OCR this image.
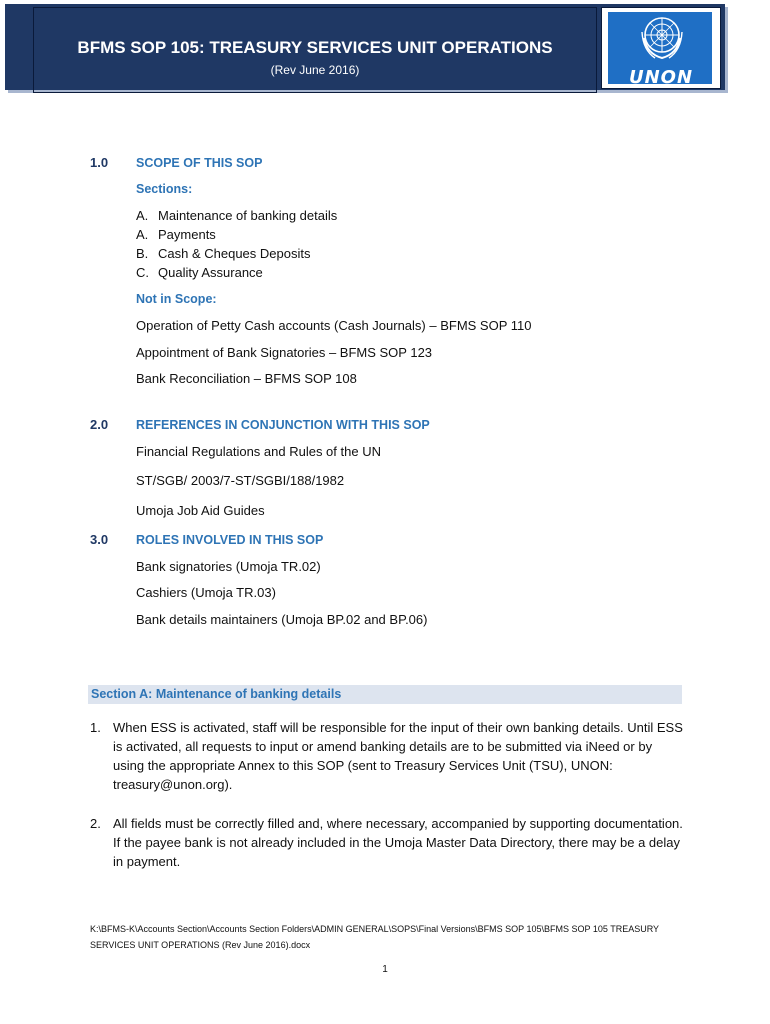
BFMS SOP 105: TREASURY SERVICES UNIT OPERATIONS
(Rev June 2016)	UNON
1.0 SCOPE OF THIS SOP
Sections:
A. Maintenance of banking details
A. Payments
B. Cash & Cheques Deposits
C. Quality Assurance
Not in Scope:
Operation of Petty Cash accounts (Cash Journals) – BFMS SOP 110
Appointment of Bank Signatories – BFMS SOP 123
Bank Reconciliation – BFMS SOP 108
2.0 REFERENCES IN CONJUNCTION WITH THIS SOP
Financial Regulations and Rules of the UN
ST/SGB/ 2003/7-ST/SGBI/188/1982
Umoja Job Aid Guides
3.0 ROLES INVOLVED IN THIS SOP
Bank signatories (Umoja TR.02)
Cashiers (Umoja TR.03)
Bank details maintainers (Umoja BP.02 and BP.06)
Section A: Maintenance of banking details
1. When ESS is activated, staff will be responsible for the input of their own banking details. Until ESS is activated, all requests to input or amend banking details are to be submitted via iNeed or by using the appropriate Annex to this SOP (sent to Treasury Services Unit (TSU), UNON: treasury@unon.org).
2. All fields must be correctly filled and, where necessary, accompanied by supporting documentation. If the payee bank is not already included in the Umoja Master Data Directory, there may be a delay in payment.
K:\BFMS-K\Accounts Section\Accounts Section Folders\ADMIN GENERAL\SOPS\Final Versions\BFMS SOP 105\BFMS SOP 105 TREASURY SERVICES UNIT OPERATIONS (Rev June 2016).docx
1
